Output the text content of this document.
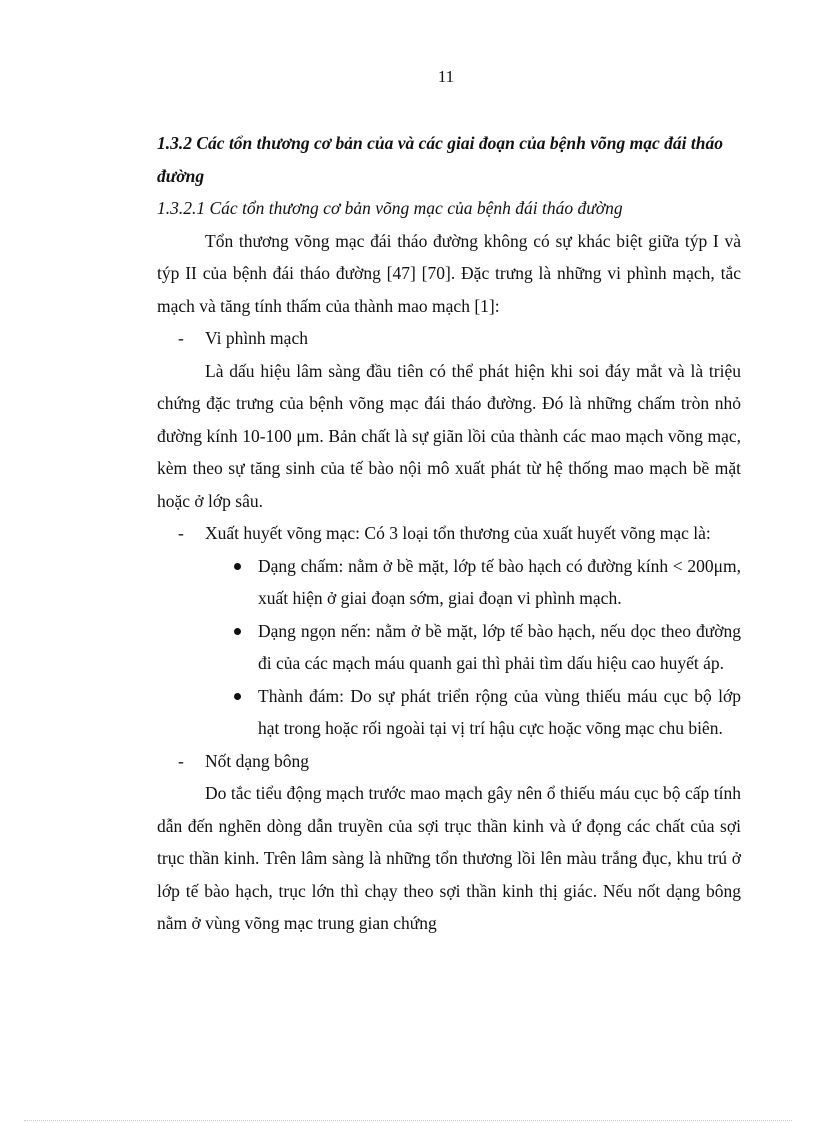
11

1.3.2 Các tổn thương cơ bản của và các giai đoạn của bệnh võng mạc đái tháo đường

1.3.2.1 Các tổn thương cơ bản võng mạc của bệnh đái tháo đường

Tổn thương võng mạc đái tháo đường không có sự khác biệt giữa týp I và týp II của bệnh đái tháo đường [47] [70]. Đặc trưng là những vi phình mạch, tắc mạch và tăng tính thấm của thành mao mạch [1]:

- Vi phình mạch

Là dấu hiệu lâm sàng đầu tiên có thể phát hiện khi soi đáy mắt và là triệu chứng đặc trưng của bệnh võng mạc đái tháo đường. Đó là những chấm tròn nhỏ đường kính 10-100 μm. Bản chất là sự giãn lồi của thành các mao mạch võng mạc, kèm theo sự tăng sinh của tế bào nội mô xuất phát từ hệ thống mao mạch bề mặt hoặc ở lớp sâu.

- Xuất huyết võng mạc: Có 3 loại tổn thương của xuất huyết võng mạc là:

Dạng chấm: nằm ở bề mặt, lớp tế bào hạch có đường kính < 200μm, xuất hiện ở giai đoạn sớm, giai đoạn vi phình mạch.
Dạng ngọn nến: nằm ở bề mặt, lớp tế bào hạch, nếu dọc theo đường đi của các mạch máu quanh gai thì phải tìm dấu hiệu cao huyết áp.
Thành đám: Do sự phát triển rộng của vùng thiếu máu cục bộ lớp hạt trong hoặc rối ngoài tại vị trí hậu cực hoặc võng mạc chu biên.

- Nốt dạng bông

Do tắc tiểu động mạch trước mao mạch gây nên ổ thiếu máu cục bộ cấp tính dẫn đến nghẽn dòng dẫn truyền của sợi trục thần kinh và ứ đọng các chất của sợi trục thần kinh. Trên lâm sàng là những tổn thương lồi lên màu trắng đục, khu trú ở lớp tế bào hạch, trục lớn thì chạy theo sợi thần kinh thị giác. Nếu nốt dạng bông nằm ở vùng võng mạc trung gian chứng
